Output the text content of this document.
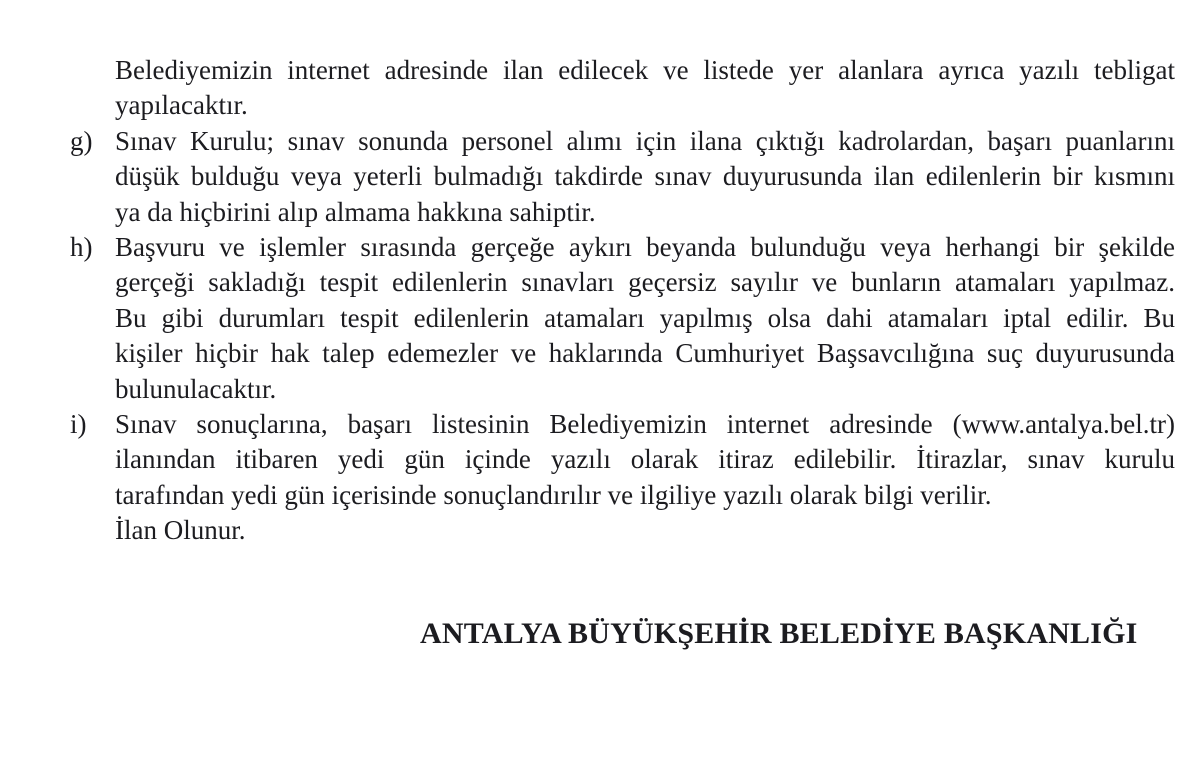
Belediyemizin internet adresinde ilan edilecek ve listede yer alanlara ayrıca yazılı tebligat
yapılacaktır.
g) Sınav Kurulu; sınav sonunda personel alımı için ilana çıktığı kadrolardan, başarı puanlarını
düşük bulduğu veya yeterli bulmadığı takdirde sınav duyurusunda ilan edilenlerin bir kısmını
ya da hiçbirini alıp almama hakkına sahiptir.
h) Başvuru ve işlemler sırasında gerçeğe aykırı beyanda bulunduğu veya herhangi bir şekilde
gerçeği sakladığı tespit edilenlerin sınavları geçersiz sayılır ve bunların atamaları yapılmaz.
Bu gibi durumları tespit edilenlerin atamaları yapılmış olsa dahi atamaları iptal edilir. Bu
kişiler hiçbir hak talep edemezler ve haklarında Cumhuriyet Başsavcılığına suç duyurusunda
bulunulacaktır.
i)	Sınav sonuçlarına, başarı listesinin Belediyemizin internet adresinde (www.antalya.bel.tr)
ilanından itibaren yedi gün içinde yazılı olarak itiraz edilebilir. İtirazlar, sınav kurulu
tarafından yedi gün içerisinde sonuçlandırılır ve ilgiliye yazılı olarak bilgi verilir.
İlan Olunur.
ANTALYA BÜYÜKŞEHİR BELEDİYE BAŞKANLIĞI
